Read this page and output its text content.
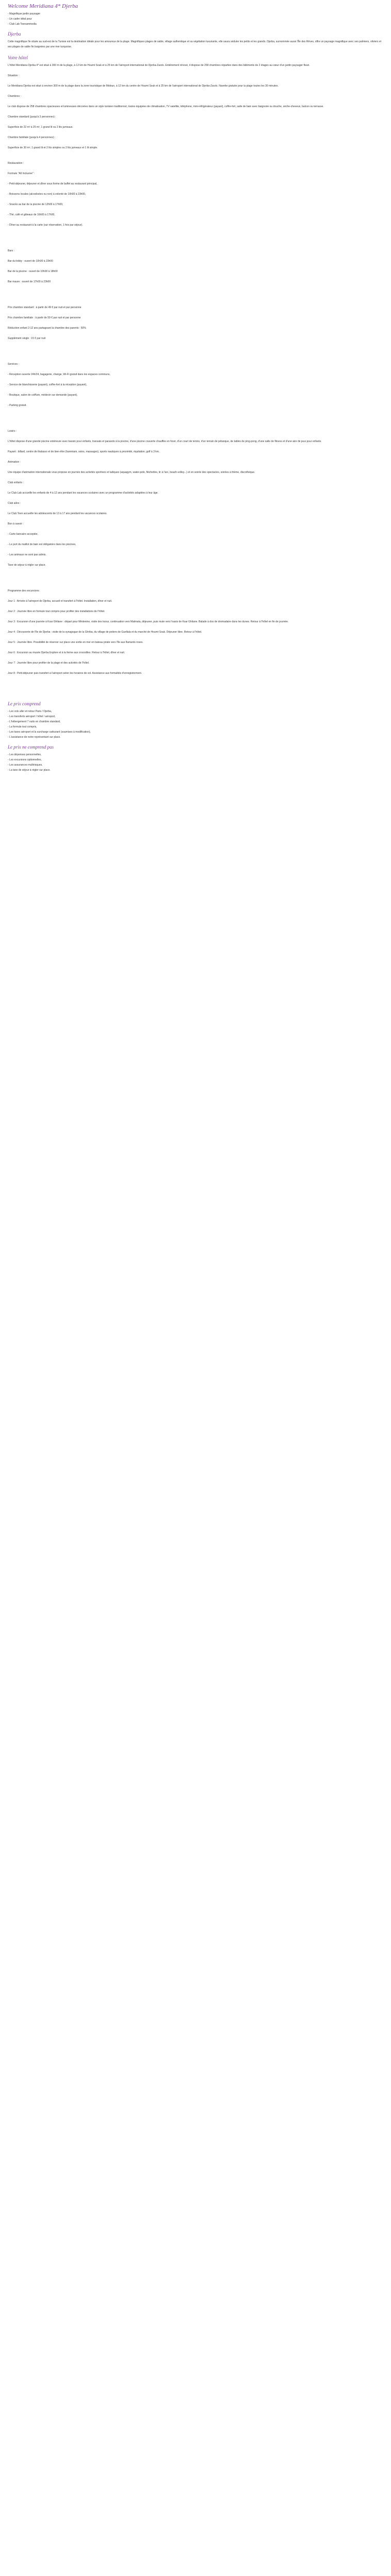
Welcome Meridiana 4* Djerba
- Magnifique jardin paysager
- Un cadre idéal pour
- Club Lab Teenammedia
Djerba

Cette magnifique île située au sud-est de la Tunisie est la destination idéale pour les amoureux de la plage. Magnifiques plages de sable, village authentique et sa végétation luxuriante, elle saura séduire les petits et les grands. Djerba, surnommée aussi l'Île des Rêves, offre un paysage magnifique avec ses palmiers, oliviers et ses plages de sable fin baignées par une mer turquoise.

Votre hôtel

L'hôtel Meridiana Djerba 4* est situé à 300 m de la plage, à 12 km de Houmt Souk et à 25 km de l'aéroport international de Djerba-Zarzis. Entièrement rénové, il dispose de 258 chambres réparties dans des bâtiments de 2 étages au cœur d'un jardin paysager fleuri.

Situation :

Le Meridiana Djerba est situé à environ 300 m de la plage dans la zone touristique de Midoun, à 12 km du centre de Houmt Souk et à 25 km de l'aéroport international de Djerba-Zarzis. Navette gratuite pour la plage toutes les 30 minutes.

Chambres :

Le club dispose de 258 chambres spacieuses et lumineuses décorées dans un style tunisien traditionnel, toutes équipées de climatisation, TV satellite, téléphone, mini-réfrigérateur (payant), coffre-fort, salle de bain avec baignoire ou douche, sèche-cheveux, balcon ou terrasse.

Chambre standard (jusqu'à 3 personnes) :

Superficie de 22 m² à 25 m², 1 grand lit ou 2 lits jumeaux.

Chambre familiale (jusqu'à 4 personnes) :

Superficie de 30 m², 1 grand lit et 2 lits simples ou 2 lits jumeaux et 1 lit simple.

Restauration :

Formule "All Inclusive" :

- Petit-déjeuner, déjeuner et dîner sous forme de buffet au restaurant principal,

- Boissons locales (alcoolisées ou non) à volonté de 10h00 à 23h00,

- Snacks au bar de la piscine de 12h00 à 17h00,

- Thé, café et gâteaux de 16h00 à 17h00,

- Dîner au restaurant à la carte (sur réservation, 1 fois par séjour).

Bars :

Bar du lobby : ouvert de 10h00 à 23h00

Bar de la piscine : ouvert de 10h00 à 18h00

Bar maure : ouvert de 17h00 à 23h00

Prix chambre standard : à partir de 49 € par nuit et par personne

Prix chambre familiale : à partir de 59 € par nuit et par personne

Réduction enfant 2-12 ans partageant la chambre des parents : 50%

Supplément single : 15 € par nuit

Services :

- Réception ouverte 24h/24, bagagerie, change, Wi-Fi gratuit dans les espaces communs,

- Service de blanchisserie (payant), coffre-fort à la réception (payant),

- Boutique, salon de coiffure, médecin sur demande (payant),

- Parking gratuit.

Loisirs :

L'hôtel dispose d'une grande piscine extérieure avec bassin pour enfants, transats et parasols à la piscine, d'une piscine couverte chauffée en hiver, d'un court de tennis, d'un terrain de pétanque, de tables de ping-pong, d'une salle de fitness et d'une aire de jeux pour enfants.

Payant : billard, centre de thalasso et de bien-être (hammam, soins, massages), sports nautiques à proximité, équitation, golf à 3 km.

Animation :

Une équipe d'animation internationale vous propose en journée des activités sportives et ludiques (aquagym, water-polo, fléchettes, tir à l'arc, beach-volley...) et en soirée des spectacles, soirées à thème, discothèque.

Club enfants :

Le Club Lab accueille les enfants de 4 à 12 ans pendant les vacances scolaires avec un programme d'activités adaptées à leur âge.

Club ados :

Le Club Teen accueille les adolescents de 13 à 17 ans pendant les vacances scolaires.

Bon à savoir :

- Carte bancaire acceptée,

- Le port du maillot de bain est obligatoire dans les piscines,

- Les animaux ne sont pas admis.

Taxe de séjour à régler sur place.

Programme des excursions

Jour 1 : Arrivée à l'aéroport de Djerba, accueil et transfert à l'hôtel. Installation, dîner et nuit.

Jour 2 : Journée libre en formule tout compris pour profiter des installations de l'hôtel.

Jour 3 : Excursion d'une journée à Ksar Ghilane : départ pour Médenine, visite des ksour, continuation vers Matmata, déjeuner, puis route vers l'oasis de Ksar Ghilane. Balade à dos de dromadaire dans les dunes. Retour à l'hôtel en fin de journée.

Jour 4 : Découverte de l'île de Djerba : visite de la synagogue de la Ghriba, du village de potiers de Guellala et du marché de Houmt Souk. Déjeuner libre. Retour à l'hôtel.

Jour 5 : Journée libre. Possibilité de réserver sur place une sortie en mer en bateau pirate vers l'île aux flamants roses.

Jour 6 : Excursion au musée Djerba Explore et à la ferme aux crocodiles. Retour à l'hôtel, dîner et nuit.

Jour 7 : Journée libre pour profiter de la plage et des activités de l'hôtel.

Jour 8 : Petit-déjeuner puis transfert à l'aéroport selon les horaires de vol. Assistance aux formalités d'enregistrement.

Le prix comprend
- Les vols aller et retour Paris / Djerba,
- Les transferts aéroport / hôtel / aéroport,
- L'hébergement 7 nuits en chambre standard,
- La formule tout compris,
- Les taxes aéroport et la surcharge carburant (soumises à modification),
- L'assistance de notre représentant sur place.
Le prix ne comprend pas
- Les dépenses personnelles,
- Les excursions optionnelles,
- Les assurances multirisques,
- La taxe de séjour à régler sur place.
